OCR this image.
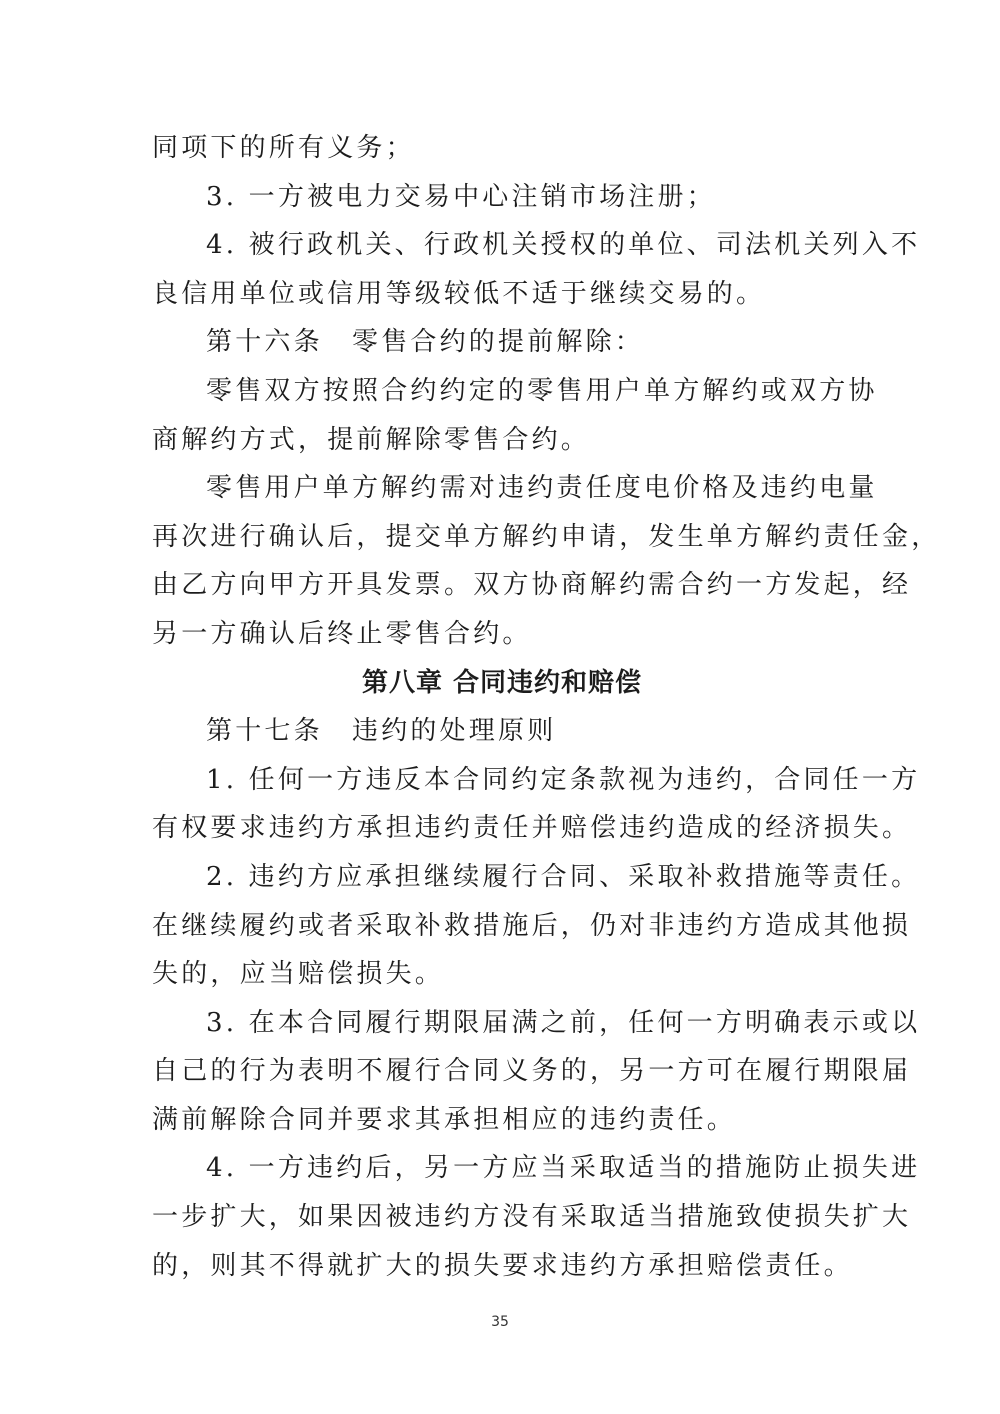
同项下的所有义务；
3. 一方被电力交易中心注销市场注册；
4. 被行政机关、行政机关授权的单位、司法机关列入不
良信用单位或信用等级较低不适于继续交易的。
第十六条　零售合约的提前解除：
零售双方按照合约约定的零售用户单方解约或双方协
商解约方式，提前解除零售合约。
零售用户单方解约需对违约责任度电价格及违约电量
再次进行确认后，提交单方解约申请，发生单方解约责任金，
由乙方向甲方开具发票。双方协商解约需合约一方发起，经
另一方确认后终止零售合约。
第八章 合同违约和赔偿
第十七条　违约的处理原则
1. 任何一方违反本合同约定条款视为违约，合同任一方
有权要求违约方承担违约责任并赔偿违约造成的经济损失。
2. 违约方应承担继续履行合同、采取补救措施等责任。
在继续履约或者采取补救措施后，仍对非违约方造成其他损
失的，应当赔偿损失。
3. 在本合同履行期限届满之前，任何一方明确表示或以
自己的行为表明不履行合同义务的，另一方可在履行期限届
满前解除合同并要求其承担相应的违约责任。
4. 一方违约后，另一方应当采取适当的措施防止损失进
一步扩大，如果因被违约方没有采取适当措施致使损失扩大
的，则其不得就扩大的损失要求违约方承担赔偿责任。
35
